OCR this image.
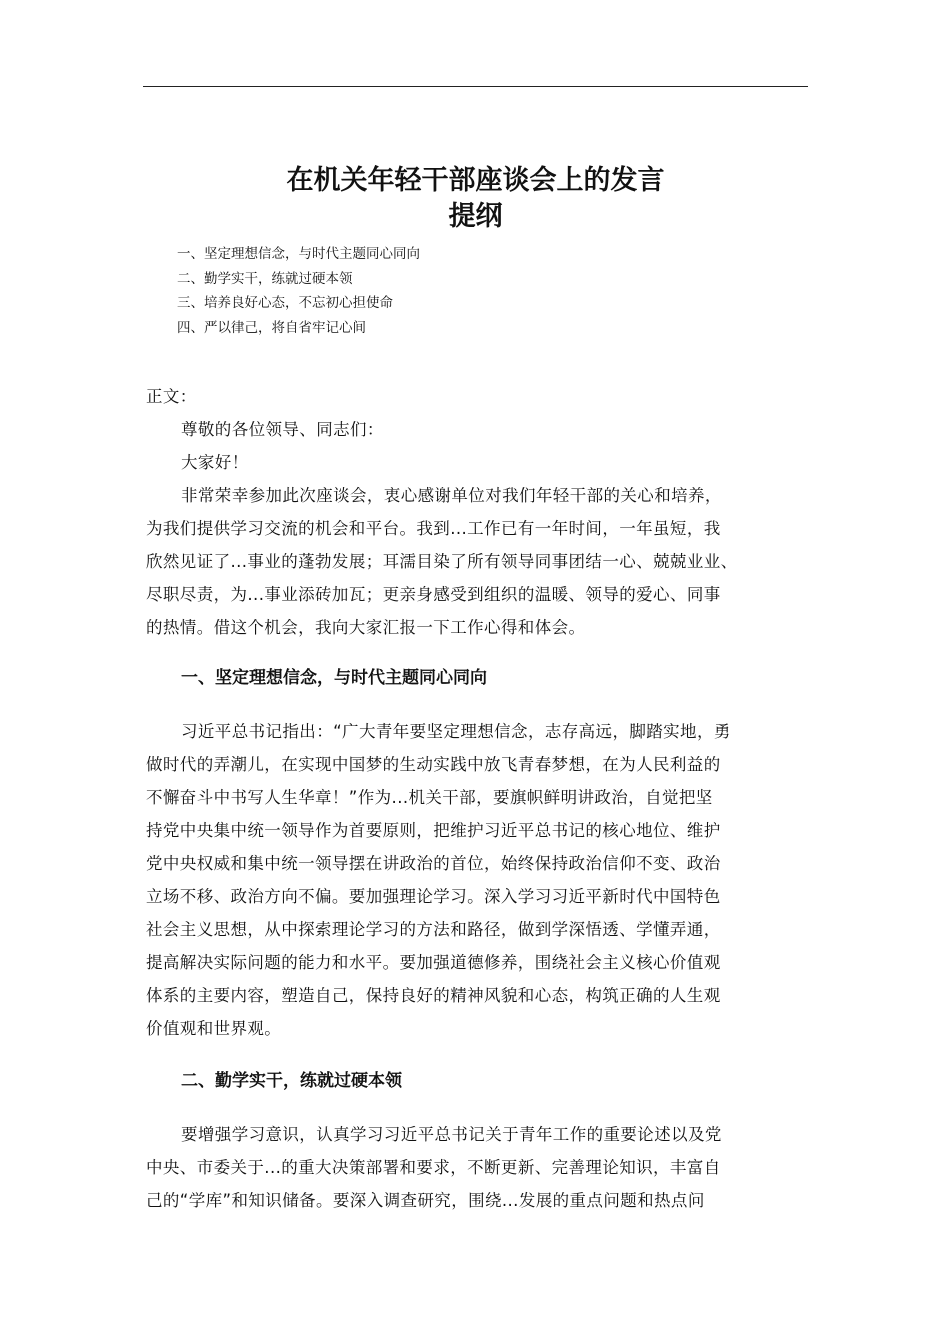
在机关年轻干部座谈会上的发言
提纲
一、坚定理想信念，与时代主题同心同向
二、勤学实干，练就过硬本领
三、培养良好心态，不忘初心担使命
四、严以律己，将自省牢记心间
正文：
尊敬的各位领导、同志们：
大家好！
非常荣幸参加此次座谈会，衷心感谢单位对我们年轻干部的关心和培养，
为我们提供学习交流的机会和平台。我到...工作已有一年时间，一年虽短，我
欣然见证了...事业的蓬勃发展；耳濡目染了所有领导同事团结一心、兢兢业业、
尽职尽责，为...事业添砖加瓦；更亲身感受到组织的温暖、领导的爱心、同事
的热情。借这个机会，我向大家汇报一下工作心得和体会。
一、坚定理想信念，与时代主题同心同向
习近平总书记指出：“广大青年要坚定理想信念，志存高远，脚踏实地，勇
做时代的弄潮儿，在实现中国梦的生动实践中放飞青春梦想，在为人民利益的
不懈奋斗中书写人生华章！”作为...机关干部，要旗帜鲜明讲政治，自觉把坚
持党中央集中统一领导作为首要原则，把维护习近平总书记的核心地位、维护
党中央权威和集中统一领导摆在讲政治的首位，始终保持政治信仰不变、政治
立场不移、政治方向不偏。要加强理论学习。深入学习习近平新时代中国特色
社会主义思想，从中探索理论学习的方法和路径，做到学深悟透、学懂弄通，
提高解决实际问题的能力和水平。要加强道德修养，围绕社会主义核心价值观
体系的主要内容，塑造自己，保持良好的精神风貌和心态，构筑正确的人生观
价值观和世界观。
二、勤学实干，练就过硬本领
要增强学习意识，认真学习习近平总书记关于青年工作的重要论述以及党
中央、市委关于...的重大决策部署和要求，不断更新、完善理论知识，丰富自
己的“学库”和知识储备。要深入调查研究，围绕...发展的重点问题和热点问
